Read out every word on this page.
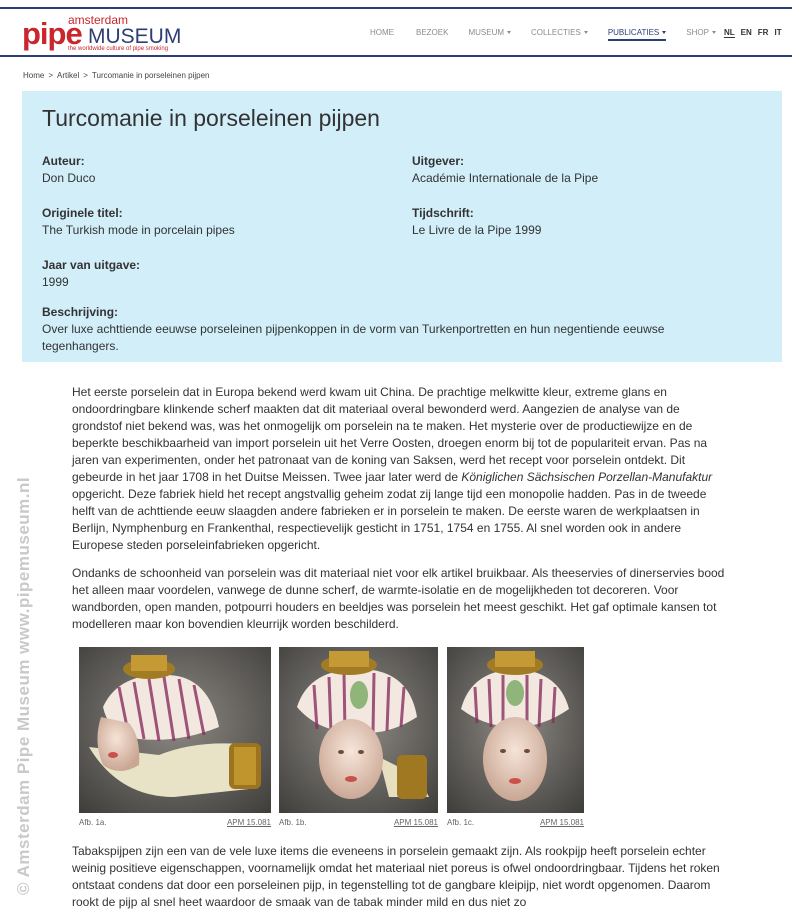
amsterdam
pipe MUSEUM
the worldwide culture of pipe smoking
HOME	BEZOEK	MUSEUM	COLLECTIES	PUBLICATIES	SHOP	NL EN FR IT
Home > Artikel > Turcomanie in porseleinen pijpen
Turcomanie in porseleinen pijpen
Auteur:
Don Duco
Uitgever:
Académie Internationale de la Pipe
Originele titel:
The Turkish mode in porcelain pipes
Tijdschrift:
Le Livre de la Pipe 1999
Jaar van uitgave:
1999
Beschrijving:
Over luxe achttiende eeuwse porseleinen pijpenkoppen in de vorm van Turkenportretten en hun negentiende eeuwse tegenhangers.
© Amsterdam Pipe Museum www.pipemuseum.nl
Het eerste porselein dat in Europa bekend werd kwam uit China. De prachtige melkwitte kleur, extreme glans en ondoordringbare klinkende scherf maakten dat dit materiaal overal bewonderd werd. Aangezien de analyse van de grondstof niet bekend was, was het onmogelijk om porselein na te maken. Het mysterie over de productiewijze en de beperkte beschikbaarheid van import porselein uit het Verre Oosten, droegen enorm bij tot de populariteit ervan. Pas na jaren van experimenten, onder het patronaat van de koning van Saksen, werd het recept voor porselein ontdekt. Dit gebeurde in het jaar 1708 in het Duitse Meissen. Twee jaar later werd de Königlichen Sächsischen Porzellan-Manufaktur opgericht. Deze fabriek hield het recept angstvallig geheim zodat zij lange tijd een monopolie hadden. Pas in de tweede helft van de achttiende eeuw slaagden andere fabrieken er in porselein te maken. De eerste waren de werkplaatsen in Berlijn, Nymphenburg en Frankenthal, respectievelijk gesticht in 1751, 1754 en 1755. Al snel worden ook in andere Europese steden porseleinfabrieken opgericht.
Ondanks de schoonheid van porselein was dit materiaal niet voor elk artikel bruikbaar. Als theeservies of dinerservies bood het alleen maar voordelen, vanwege de dunne scherf, de warmte-isolatie en de mogelijkheden tot decoreren. Voor wandborden, open manden, potpourri houders en beeldjes was porselein het meest geschikt. Het gaf optimale kansen tot modelleren maar kon bovendien kleurrijk worden beschilderd.
Afb. 1a.	APM 15.081 Afb. 1b.	APM 15.081 Afb. 1c.	APM 15.081
Tabakspijpen zijn een van de vele luxe items die eveneens in porselein gemaakt zijn. Als rookpijp heeft porselein echter weinig positieve eigenschappen, voornamelijk omdat het materiaal niet poreus is ofwel ondoordringbaar. Tijdens het roken ontstaat condens dat door een porseleinen pijp, in tegenstelling tot de gangbare kleipijp, niet wordt opgenomen. Daarom rookt de pijp al snel heet waardoor de smaak van de tabak minder mild en dus niet zo
